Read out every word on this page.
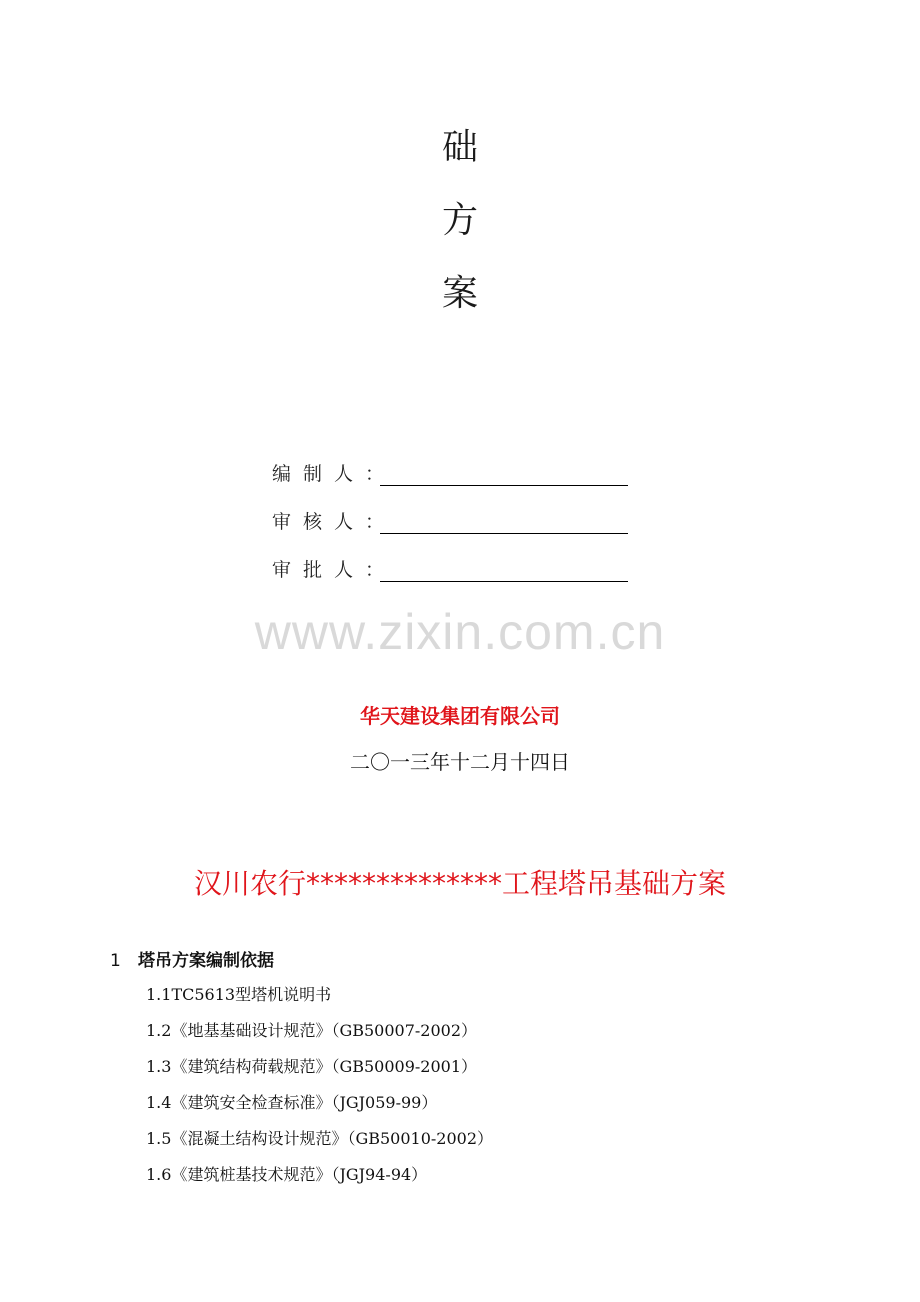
础
方
案
编制人：
审核人：
审批人：
www.zixin.com.cn
华天建设集团有限公司
二〇一三年十二月十四日
汉川农行**************工程塔吊基础方案
1 塔吊方案编制依据
1.1TC5613型塔机说明书
1.2《地基基础设计规范》（GB50007-2002）
1.3《建筑结构荷载规范》（GB50009-2001）
1.4《建筑安全检查标准》（JGJ059-99）
1.5《混凝土结构设计规范》（GB50010-2002）
1.6《建筑桩基技术规范》（JGJ94-94）
